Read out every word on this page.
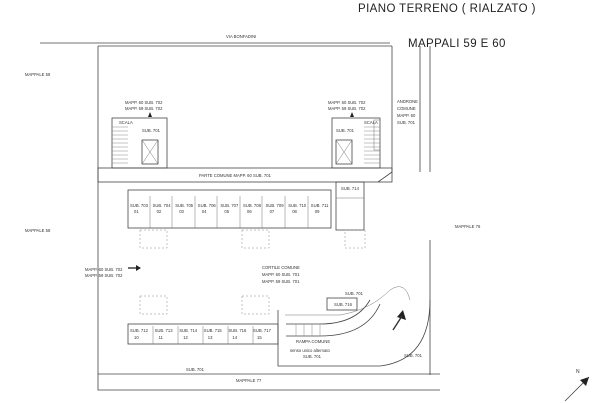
PIANO TERRENO ( RIALZATO )
MAPPALI 59 E 60
VIA BONFADINI
MAPPALE 58
MAPPALE 58
MAPPALE 76
MAPPALE 77
MAPP. 60 SUB. 702
MAPP. 59 SUB. 702
SCALA
SUB. 701
MAPP. 60 SUB. 702
MAPP. 59 SUB. 702
SCALA
SUB. 701
ANDRONE
COMUNE
MAPP. 60
SUB. 701
PARTE COMUNE MAPP. 60 SUB. 701
SUB. 714
SUB. 703
01
SUB. 704
02
SUB. 705
03
SUB. 706
04
SUB. 707
05
SUB. 708
06
SUB. 709
07
SUB. 710
08
SUB. 711
09
CORTILE COMUNE
MAPP. 60 SUB. 701
MAPP. 59 SUB. 701
MAPP. 60 SUB. 702
MAPP. 59 SUB. 702
SUB. 701
SUB. 716
SUB. 712
10
SUB. 713
11
SUB. 714
12
SUB. 715
13
SUB. 716
14
SUB. 717
15
RAMPA COMUNE
senso unico alternato
SUB. 701
SUB. 701
SUB. 701
N
